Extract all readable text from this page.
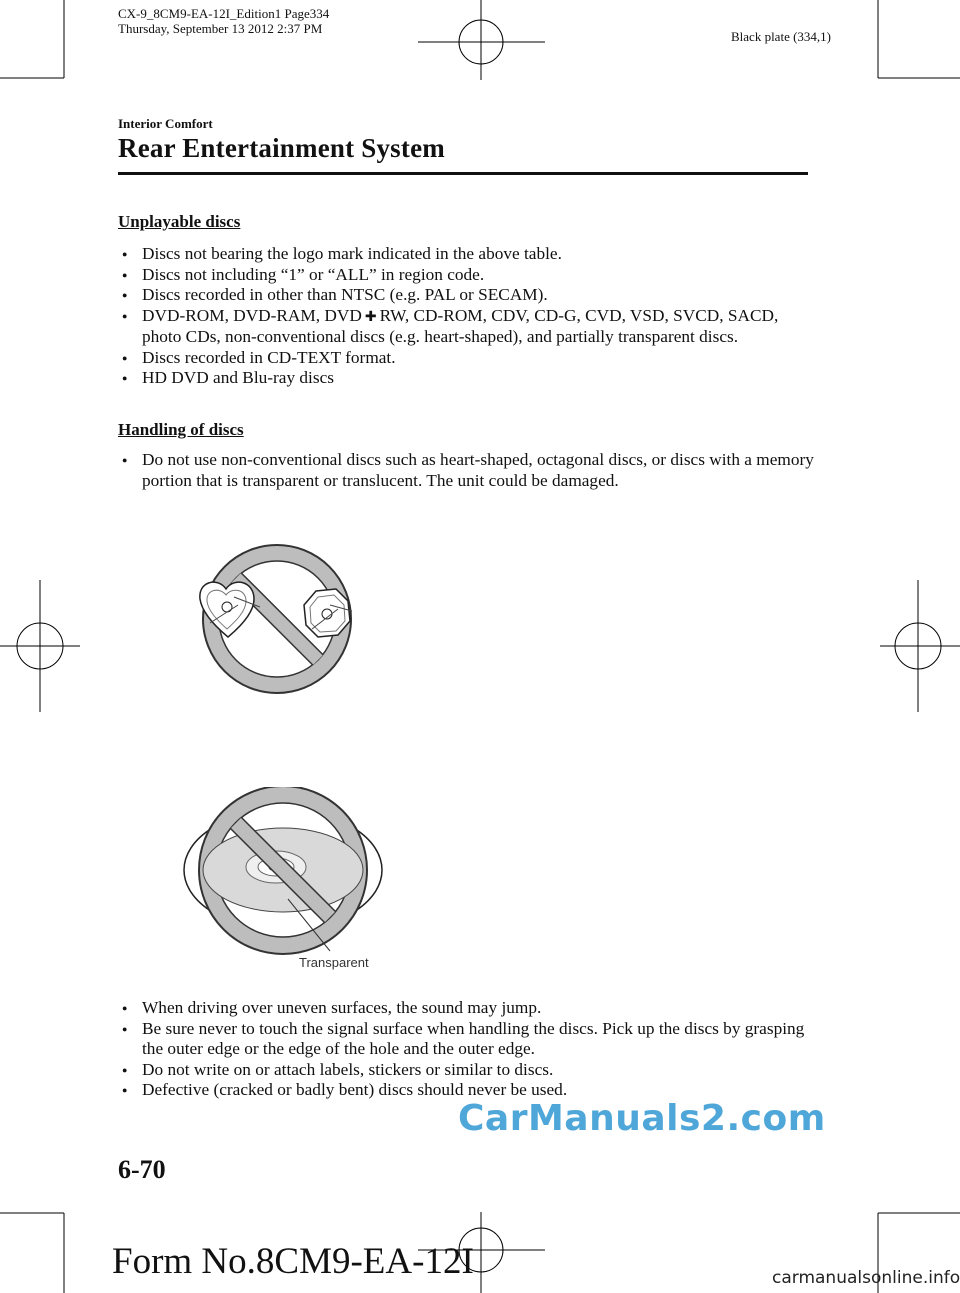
CX-9_8CM9-EA-12I_Edition1 Page334
Thursday, September 13 2012 2:37 PM
Black plate (334,1)
Interior Comfort
Rear Entertainment System
Unplayable discs
● Discs not bearing the logo mark indicated in the above table.
● Discs not including “1” or “ALL” in region code.
● Discs recorded in other than NTSC (e.g. PAL or SECAM).
● DVD-ROM, DVD-RAM, DVD ✚ RW, CD-ROM, CDV, CD-G, CVD, VSD, SVCD, SACD, photo CDs, non-conventional discs (e.g. heart-shaped), and partially transparent discs.
● Discs recorded in CD-TEXT format.
● HD DVD and Blu-ray discs
Handling of discs
● Do not use non-conventional discs such as heart-shaped, octagonal discs, or discs with a memory portion that is transparent or translucent. The unit could be damaged.
Transparent
● When driving over uneven surfaces, the sound may jump.
● Be sure never to touch the signal surface when handling the discs. Pick up the discs by grasping the outer edge or the edge of the hole and the outer edge.
● Do not write on or attach labels, stickers or similar to discs.
● Defective (cracked or badly bent) discs should never be used.
CarManuals2.com
6-70
Form No.8CM9-EA-12I	carmanualsonline.info
